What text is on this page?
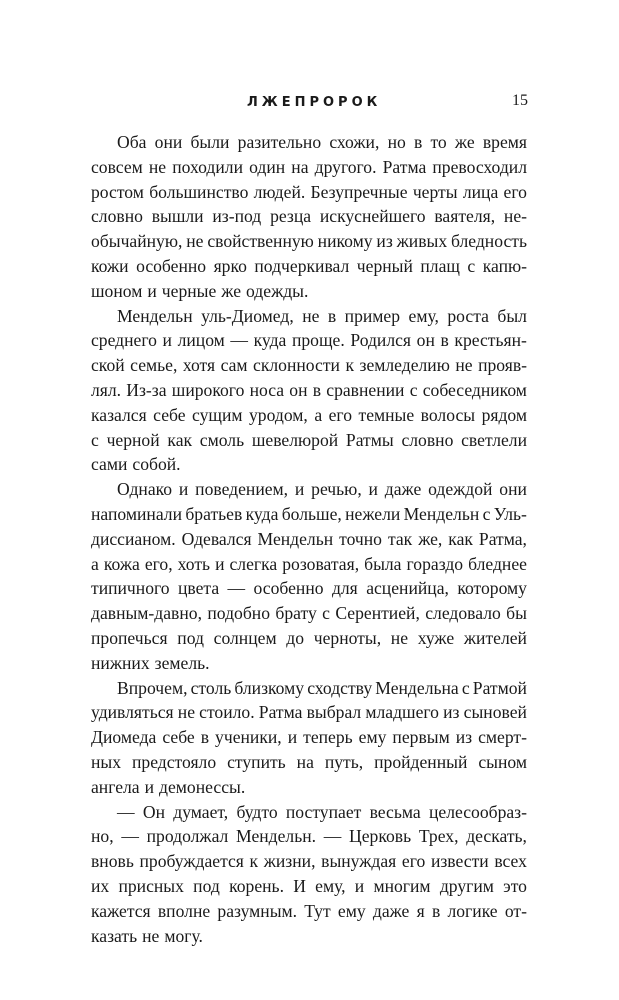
ЛЖЕПРОРОК	15
Оба они были разительно схожи, но в то же время
совсем не походили один на другого. Ратма превосходил
ростом большинство людей. Безупречные черты лица его
словно вышли из-под резца искуснейшего ваятеля, не-
обычайную, не свойственную никому из живых бледность
кожи особенно ярко подчеркивал черный плащ с капю-
шоном и черные же одежды.
Мендельн уль-Диомед, не в пример ему, роста был
среднего и лицом — куда проще. Родился он в крестьян-
ской семье, хотя сам склонности к земледелию не прояв-
лял. Из-за широкого носа он в сравнении с собеседником
казался себе сущим уродом, а его темные волосы рядом
с черной как смоль шевелюрой Ратмы словно светлели
сами собой.
Однако и поведением, и речью, и даже одеждой они
напоминали братьев куда больше, нежели Мендельн с Уль-
диссианом. Одевался Мендельн точно так же, как Ратма,
а кожа его, хоть и слегка розоватая, была гораздо бледнее
типичного цвета — особенно для асценийца, которому
давным-давно, подобно брату с Серентией, следовало бы
пропечься под солнцем до черноты, не хуже жителей
нижних земель.
Впрочем, столь близкому сходству Мендельна с Ратмой
удивляться не стоило. Ратма выбрал младшего из сыновей
Диомеда себе в ученики, и теперь ему первым из смерт-
ных предстояло ступить на путь, пройденный сыном
ангела и демонессы.
— Он думает, будто поступает весьма целесообраз-
но, — продолжал Мендельн. — Церковь Трех, дескать,
вновь пробуждается к жизни, вынуждая его извести всех
их присных под корень. И ему, и многим другим это
кажется вполне разумным. Тут ему даже я в логике от-
казать не могу.
